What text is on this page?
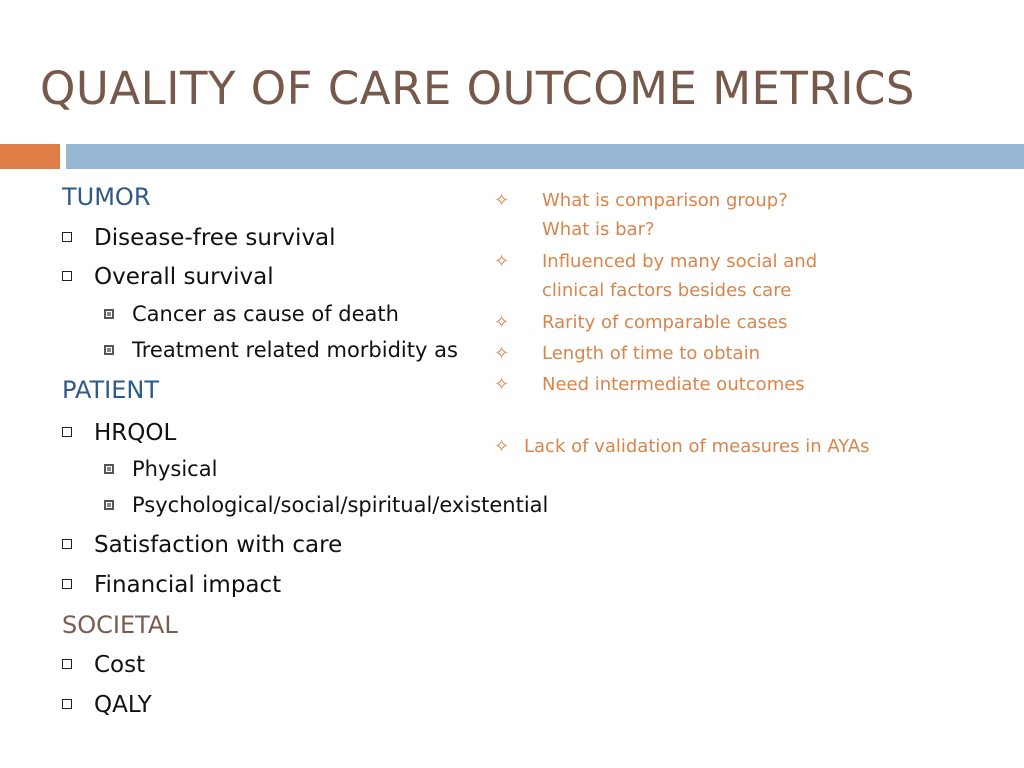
QUALITY OF CARE OUTCOME METRICS
TUMOR
Disease-free survival
Overall survival
Cancer as cause of death
Treatment related morbidity as
PATIENT
HRQOL
Physical
Psychological/social/spiritual/existential
Satisfaction with care
Financial impact
SOCIETAL
Cost
QALY
✧ What is comparison group?
What is bar?
✧ Influenced by many social and
clinical factors besides care
✧ Rarity of comparable cases
✧ Length of time to obtain
✧ Need intermediate outcomes
✧ Lack of validation of measures in AYAs
